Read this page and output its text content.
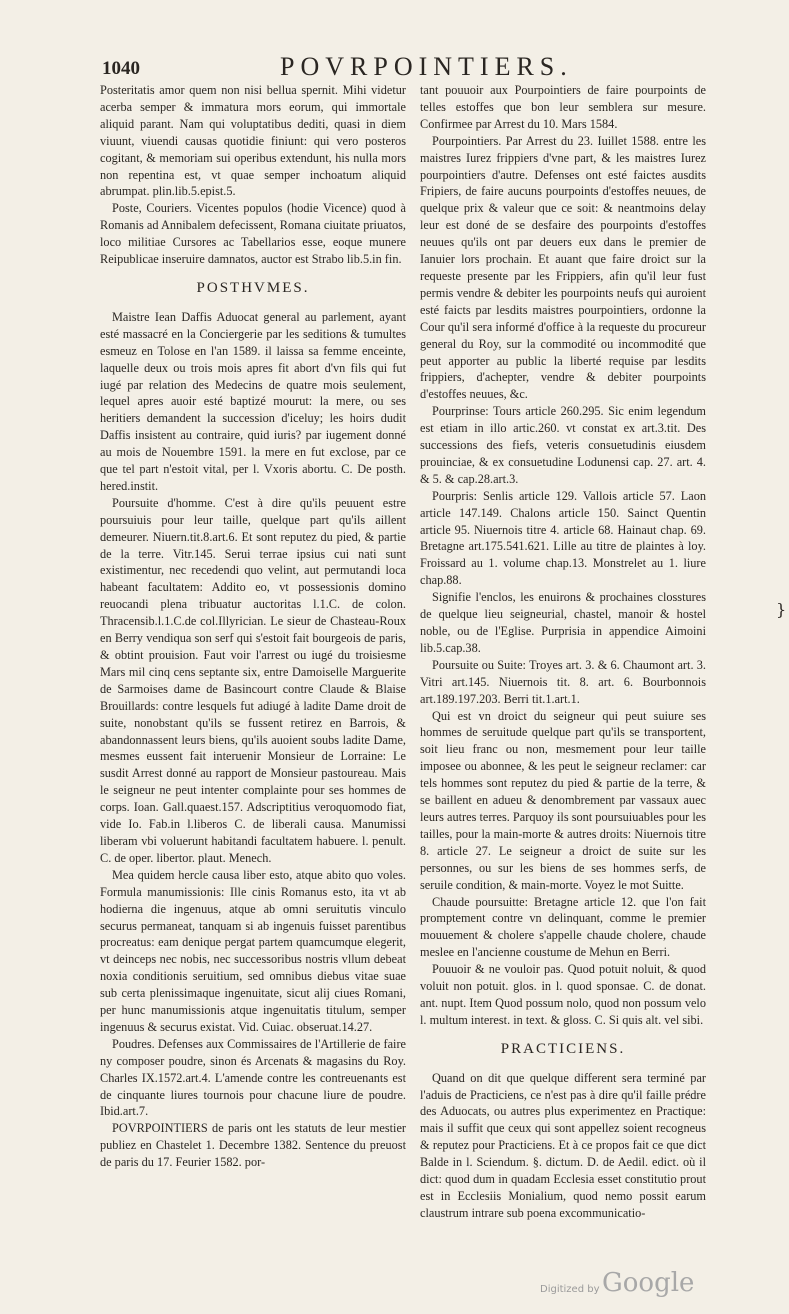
1040	POVRPOINTIERS.

Posteritatis amor quem non nisi bellua spernit. Mihi videtur acerba semper & immatura mors eorum, qui immortale aliquid parant. Nam qui voluptatibus dediti, quasi in diem viuunt, viuendi causas quotidie finiunt: qui vero posteros cogitant, & memoriam sui operibus extendunt, his nulla mors non repentina est, vt quae semper inchoatum aliquid abrumpat. plin.lib.5.epist.5.

Poste, Couriers. Vicentes populos (hodie Vicence) quod à Romanis ad Annibalem defecissent, Romana ciuitate priuatos, loco militiae Cursores ac Tabellarios esse, eoque munere Reipublicae inseruire damnatos, auctor est Strabo lib.5.in fin.

POSTHVMES.

Maistre Iean Daffis Aduocat general au parlement, ayant esté massacré en la Conciergerie par les seditions & tumultes esmeuz en Tolose en l'an 1589. il laissa sa femme enceinte, laquelle deux ou trois mois apres fit abort d'vn fils qui fut iugé par relation des Medecins de quatre mois seulement, lequel apres auoir esté baptizé mourut: la mere, ou ses heritiers demandent la succession d'iceluy; les hoirs dudit Daffis insistent au contraire, quid iuris? par iugement donné au mois de Nouembre 1591. la mere en fut exclose, par ce que tel part n'estoit vital, per l. Vxoris abortu. C. De posth. hered.instit.

Poursuite d'homme. C'est à dire qu'ils peuuent estre poursuiuis pour leur taille, quelque part qu'ils aillent demeurer. Niuern.tit.8.art.6. Et sont reputez du pied, & partie de la terre. Vitr.145. Serui terrae ipsius cui nati sunt existimentur, nec recedendi quo velint, aut permutandi loca habeant facultatem: Addito eo, vt possessionis domino reuocandi plena tribuatur auctoritas l.1.C. de colon. Thracensib.l.1.C.de col.Illyrician. Le sieur de Chasteau-Roux en Berry vendiqua son serf qui s'estoit fait bourgeois de paris, & obtint prouision. Faut voir l'arrest ou iugé du troisiesme Mars mil cinq cens septante six, entre Damoiselle Marguerite de Sarmoises dame de Basincourt contre Claude & Blaise Brouillards: contre lesquels fut adiugé à ladite Dame droit de suite, nonobstant qu'ils se fussent retirez en Barrois, & abandonnassent leurs biens, qu'ils auoient soubs ladite Dame, mesmes eussent fait interuenir Monsieur de Lorraine: Le susdit Arrest donné au rapport de Monsieur pastoureau. Mais le seigneur ne peut intenter complainte pour ses hommes de corps. Ioan. Gall.quaest.157. Adscriptitius veroquomodo fiat, vide Io. Fab.in l.liberos C. de liberali causa. Manumissi liberam vbi voluerunt habitandi facultatem habuere. l. penult. C. de oper. libertor. plaut. Menech.

Mea quidem hercle causa liber esto, atque abito quo voles. Formula manumissionis: Ille cinis Romanus esto, ita vt ab hodierna die ingenuus, atque ab omni seruitutis vinculo securus permaneat, tanquam si ab ingenuis fuisset parentibus procreatus: eam denique pergat partem quamcumque elegerit, vt deinceps nec nobis, nec successoribus nostris vllum debeat noxia conditionis seruitium, sed omnibus diebus vitae suae sub certa plenissimaque ingenuitate, sicut alij ciues Romani, per hunc manumissionis atque ingenuitatis titulum, semper ingenuus & securus existat. Vid. Cuiac. obseruat.14.27.

Poudres. Defenses aux Commissaires de l'Artillerie de faire ny composer poudre, sinon és Arcenats & magasins du Roy. Charles IX.1572.art.4. L'amende contre les contreuenants est de cinquante liures tournois pour chacune liure de poudre. Ibid.art.7.

POVRPOINTIERS de paris ont les statuts de leur mestier publiez en Chastelet 1. Decembre 1382. Sentence du preuost de paris du 17. Feurier 1582. por-

tant pouuoir aux Pourpointiers de faire pourpoints de telles estoffes que bon leur semblera sur mesure. Confirmee par Arrest du 10. Mars 1584.

Pourpointiers. Par Arrest du 23. Iuillet 1588. entre les maistres Iurez frippiers d'vne part, & les maistres Iurez pourpointiers d'autre. Defenses ont esté faictes ausdits Fripiers, de faire aucuns pourpoints d'estoffes neuues, de quelque prix & valeur que ce soit: & neantmoins delay leur est doné de se desfaire des pourpoints d'estoffes neuues qu'ils ont par deuers eux dans le premier de Ianuier lors prochain. Et auant que faire droict sur la requeste presente par les Frippiers, afin qu'il leur fust permis vendre & debiter les pourpoints neufs qui auroient esté faicts par lesdits maistres pourpointiers, ordonne la Cour qu'il sera informé d'office à la requeste du procureur general du Roy, sur la commodité ou incommodité que peut apporter au public la liberté requise par lesdits frippiers, d'achepter, vendre & debiter pourpoints d'estoffes neuues, &c.

Pourprinse: Tours article 260.295. Sic enim legendum est etiam in illo artic.260. vt constat ex art.3.tit. Des successions des fiefs, veteris consuetudinis eiusdem prouinciae, & ex consuetudine Lodunensi cap. 27. art. 4. & 5. & cap.28.art.3.

Pourpris: Senlis article 129. Vallois article 57. Laon article 147.149. Chalons article 150. Sainct Quentin article 95. Niuernois titre 4. article 68. Hainaut chap. 69. Bretagne art.175.541.621. Lille au titre de plaintes à loy. Froissard au 1. volume chap.13. Monstrelet au 1. liure chap.88.

Signifie l'enclos, les enuirons & prochaines closstures de quelque lieu seigneurial, chastel, manoir & hostel noble, ou de l'Eglise. Purprisia in appendice Aimoini lib.5.cap.38.

Poursuite ou Suite: Troyes art. 3. & 6. Chaumont art. 3. Vitri art.145. Niuernois tit. 8. art. 6. Bourbonnois art.189.197.203. Berri tit.1.art.1.

Qui est vn droict du seigneur qui peut suiure ses hommes de seruitude quelque part qu'ils se transportent, soit lieu franc ou non, mesmement pour leur taille imposee ou abonnee, & les peut le seigneur reclamer: car tels hommes sont reputez du pied & partie de la terre, & se baillent en adueu & denombrement par vassaux auec leurs autres terres. Parquoy ils sont poursuiuables pour les tailles, pour la main-morte & autres droits: Niuernois titre 8. article 27. Le seigneur a droict de suite sur les personnes, ou sur les biens de ses hommes serfs, de seruile condition, & main-morte. Voyez le mot Suitte.

Chaude poursuitte: Bretagne article 12. que l'on fait promptement contre vn delinquant, comme le premier mouuement & cholere s'appelle chaude cholere, chaude meslee en l'ancienne coustume de Mehun en Berri.

Pouuoir & ne vouloir pas. Quod potuit noluit, & quod voluit non potuit. glos. in l. quod sponsae. C. de donat. ant. nupt. Item Quod possum nolo, quod non possum velo l. multum interest. in text. & gloss. C. Si quis alt. vel sibi.

PRACTICIENS.

Quand on dit que quelque different sera terminé par l'aduis de Practiciens, ce n'est pas à dire qu'il faille prédre des Aduocats, ou autres plus experimentez en Practique: mais il suffit que ceux qui sont appellez soient recogneus & reputez pour Practiciens. Et à ce propos fait ce que dict Balde in l. Sciendum. §. dictum. D. de Aedil. edict. où il dict: quod dum in quadam Ecclesia esset constitutio prout est in Ecclesiis Monialium, quod nemo possit earum claustrum intrare sub poena excommunicatio-

}
Digitized by Google
